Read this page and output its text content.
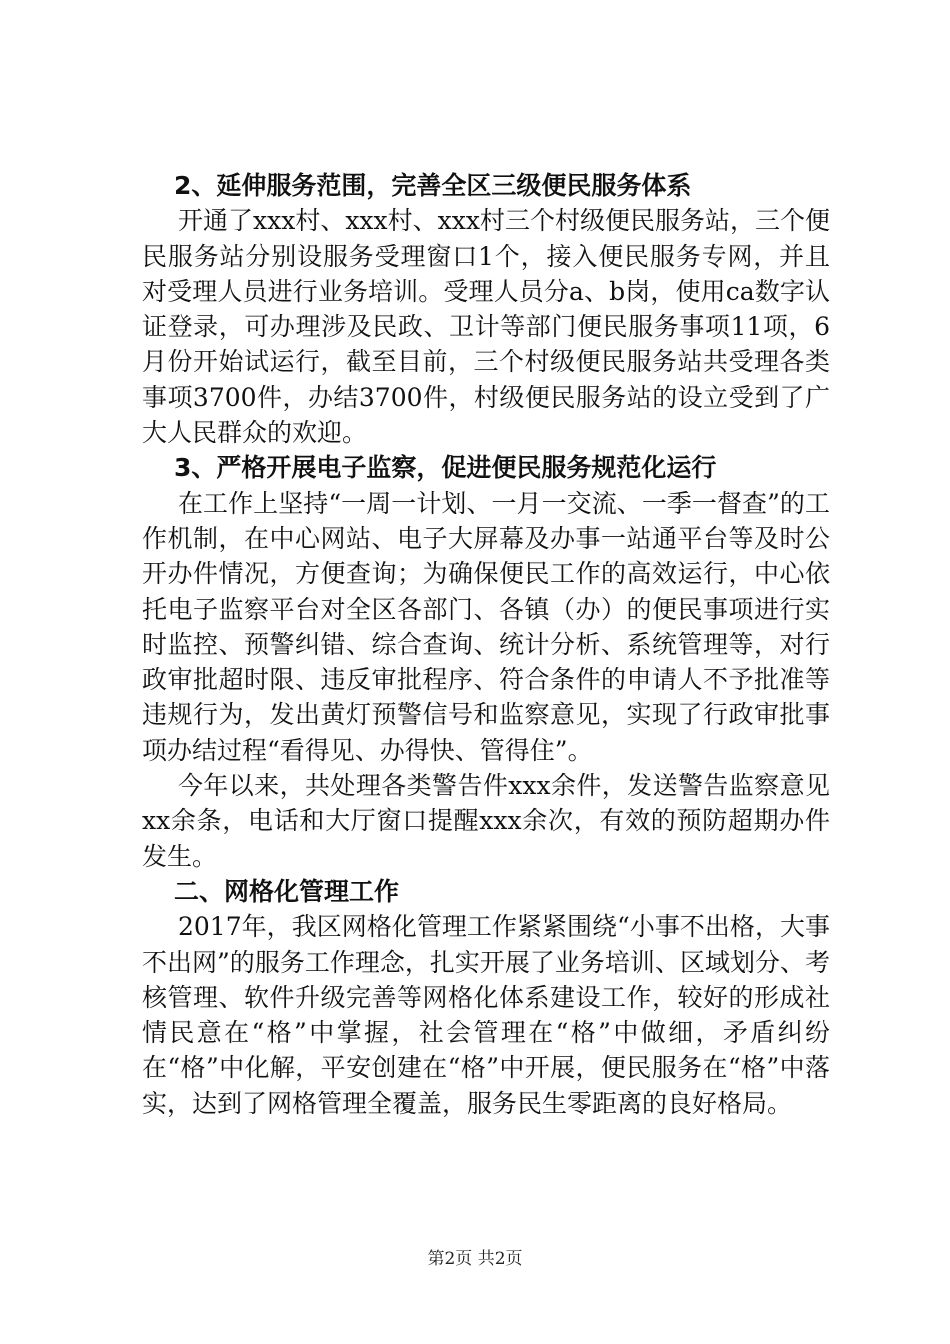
2、延伸服务范围，完善全区三级便民服务体系
开通了xxx村、xxx村、xxx村三个村级便民服务站，三个便民服务站分别设服务受理窗口1个，接入便民服务专网，并且对受理人员进行业务培训。受理人员分a、b岗，使用ca数字认证登录，可办理涉及民政、卫计等部门便民服务事项11项，6月份开始试运行，截至目前，三个村级便民服务站共受理各类事项3700件，办结3700件，村级便民服务站的设立受到了广大人民群众的欢迎。
3、严格开展电子监察，促进便民服务规范化运行
在工作上坚持“一周一计划、一月一交流、一季一督查”的工作机制，在中心网站、电子大屏幕及办事一站通平台等及时公开办件情况，方便查询；为确保便民工作的高效运行，中心依托电子监察平台对全区各部门、各镇（办）的便民事项进行实时监控、预警纠错、综合查询、统计分析、系统管理等，对行政审批超时限、违反审批程序、符合条件的申请人不予批准等违规行为，发出黄灯预警信号和监察意见，实现了行政审批事项办结过程“看得见、办得快、管得住”。
今年以来，共处理各类警告件xxx余件，发送警告监察意见xx余条，电话和大厅窗口提醒xxx余次，有效的预防超期办件发生。
二、网格化管理工作
2017年，我区网格化管理工作紧紧围绕“小事不出格，大事不出网”的服务工作理念，扎实开展了业务培训、区域划分、考核管理、软件升级完善等网格化体系建设工作，较好的形成社情民意在“格”中掌握，社会管理在“格”中做细，矛盾纠纷在“格”中化解，平安创建在“格”中开展，便民服务在“格”中落实，达到了网格管理全覆盖，服务民生零距离的良好格局。
第2页 共2页
